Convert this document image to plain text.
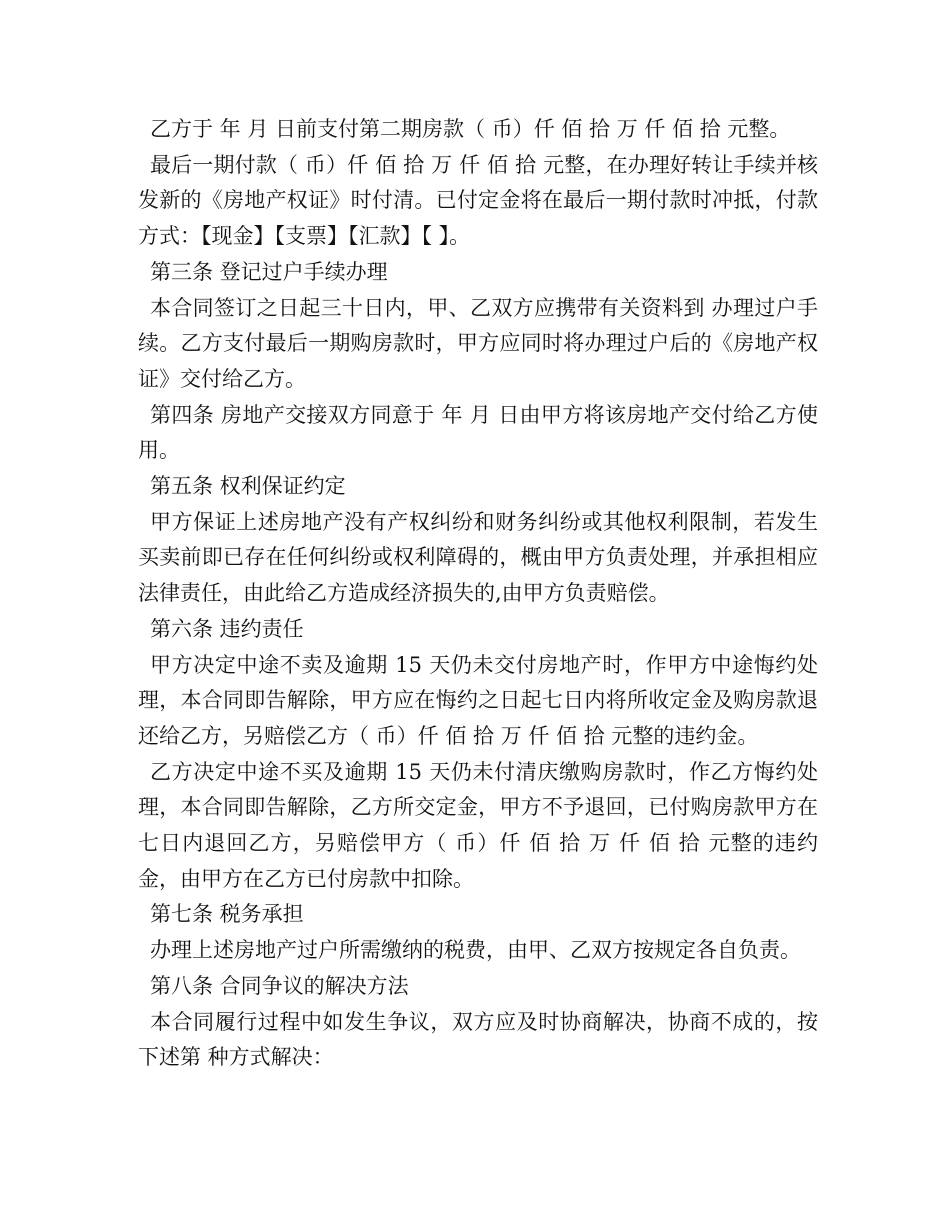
乙方于 年 月 日前支付第二期房款（ 币）仟 佰 拾 万 仟 佰 拾 元整。

最后一期付款（ 币）仟 佰 拾 万 仟 佰 拾 元整，在办理好转让手续并核发新的《房地产权证》时付清。已付定金将在最后一期付款时冲抵，付款方式：【现金】【支票】【汇款】【 】。

第三条 登记过户手续办理

本合同签订之日起三十日内，甲、乙双方应携带有关资料到 办理过户手续。乙方支付最后一期购房款时，甲方应同时将办理过户后的《房地产权证》交付给乙方。

第四条 房地产交接双方同意于 年 月 日由甲方将该房地产交付给乙方使用。

第五条 权利保证约定

甲方保证上述房地产没有产权纠纷和财务纠纷或其他权利限制，若发生买卖前即已存在任何纠纷或权利障碍的，概由甲方负责处理，并承担相应法律责任，由此给乙方造成经济损失的,由甲方负责赔偿。

第六条 违约责任

甲方决定中途不卖及逾期 15 天仍未交付房地产时，作甲方中途悔约处理，本合同即告解除，甲方应在悔约之日起七日内将所收定金及购房款退还给乙方，另赔偿乙方（ 币）仟 佰 拾 万 仟 佰 拾 元整的违约金。

乙方决定中途不买及逾期 15 天仍未付清庆缴购房款时，作乙方悔约处理，本合同即告解除，乙方所交定金，甲方不予退回，已付购房款甲方在七日内退回乙方，另赔偿甲方（ 币）仟 佰 拾 万 仟 佰 拾 元整的违约金，由甲方在乙方已付房款中扣除。

第七条 税务承担

办理上述房地产过户所需缴纳的税费，由甲、乙双方按规定各自负责。

第八条 合同争议的解决方法

本合同履行过程中如发生争议，双方应及时协商解决，协商不成的，按下述第 种方式解决：
